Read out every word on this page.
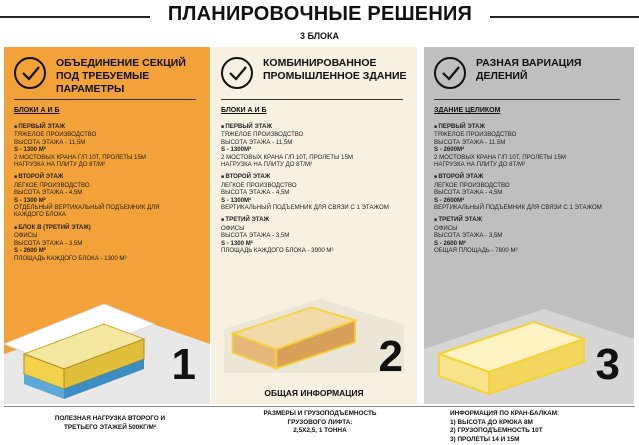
ПЛАНИРОВОЧНЫЕ РЕШЕНИЯ
3 БЛОКА
ОБЪЕДИНЕНИЕ СЕКЦИЙ ПОД ТРЕБУЕМЫЕ ПАРАМЕТРЫ
БЛОКИ А И Б
■ ПЕРВЫЙ ЭТАЖ
ТЯЖЕЛОЕ ПРОИЗВОДСТВО
ВЫСОТА ЭТАЖА - 11,5М
S - 1300 М²
2 МОСТОВЫХ КРАНА Г/П 10Т, ПРОЛЕТЫ 15М
НАГРУЗКА НА ПЛИТУ ДО 8Т/М²
■ ВТОРОЙ ЭТАЖ
ЛЕГКОЕ ПРОИЗВОДСТВО
ВЫСОТА ЭТАЖА - 4,5М
S - 1300 М²
ОТДЕЛЬНЫЙ ВЕРТИКАЛЬНЫЙ ПОДЪЕМНИК ДЛЯ
КАЖДОГО БЛОКА
■ БЛОК В (ТРЕТИЙ ЭТАЖ)
ОФИСЫ
ВЫСОТА ЭТАЖА - 3,5М
S - 2600 М²
ПЛОЩАДЬ КАЖДОГО БЛОКА - 1300 М²
1
КОМБИНИРОВАННОЕ ПРОМЫШЛЕННОЕ ЗДАНИЕ
БЛОКИ А И Б
■ ПЕРВЫЙ ЭТАЖ
ТЯЖЕЛОЕ ПРОИЗВОДСТВО
ВЫСОТА ЭТАЖА - 11,5М
S - 1300М²
2 МОСТОВЫХ КРАНА Г/П 10Т, ПРОЛЕТЫ 15М
НАГРУЗКА НА ПЛИТУ ДО 8Т/М²
■ ВТОРОЙ ЭТАЖ
ЛЕГКОЕ ПРОИЗВОДСТВО
ВЫСОТА ЭТАЖА - 4,5М
S - 1300М²
ВЕРТИКАЛЬНЫЙ ПОДЪЕМНИК ДЛЯ СВЯЗИ С 1 ЭТАЖОМ
■ ТРЕТИЙ ЭТАЖ
ОФИСЫ
ВЫСОТА ЭТАЖА - 3,5М
S - 1300 М²
ПЛОЩАДЬ КАЖДОГО БЛОКА - 3900 М²
2
ОБЩАЯ ИНФОРМАЦИЯ
РАЗНАЯ ВАРИАЦИЯ ДЕЛЕНИЙ
ЗДАНИЕ ЦЕЛИКОМ
■ ПЕРВЫЙ ЭТАЖ
ТЯЖЕЛОЕ ПРОИЗВОДСТВО
ВЫСОТА ЭТАЖА - 11,5М
S - 2600М²
2 МОСТОВЫХ КРАНА Г/П 10Т, ПРОЛЕТЫ 15М
НАГРУЗКА НА ПЛИТУ ДО 8Т/М²
■ ВТОРОЙ ЭТАЖ
ЛЕГКОЕ ПРОИЗВОДСТВО
ВЫСОТА ЭТАЖА - 4,5М
S - 2600М²
ВЕРТИКАЛЬНЫЙ ПОДЪЕМНИК ДЛЯ СВЯЗИ С 1 ЭТАЖОМ
■ ТРЕТИЙ ЭТАЖ
ОФИСЫ
ВЫСОТА ЭТАЖА - 3,5М
S - 2600 М²
ОБЩАЯ ПЛОЩАДЬ - 7800 М²
3
ПОЛЕЗНАЯ НАГРУЗКА ВТОРОГО И
ТРЕТЬЕГО ЭТАЖЕЙ 500КГ/М²
РАЗМЕРЫ И ГРУЗОПОДЪЕМНОСТЬ
ГРУЗОВОГО ЛИФТА:
2,5Х2,5, 1 ТОННА
ИНФОРМАЦИЯ ПО КРАН-БАЛКАМ:
1) ВЫСОТА ДО КРЮКА 8М
2) ГРУЗОПОДЪЕМНОСТЬ 10Т
3) ПРОЛЕТЫ 14 И 15М
